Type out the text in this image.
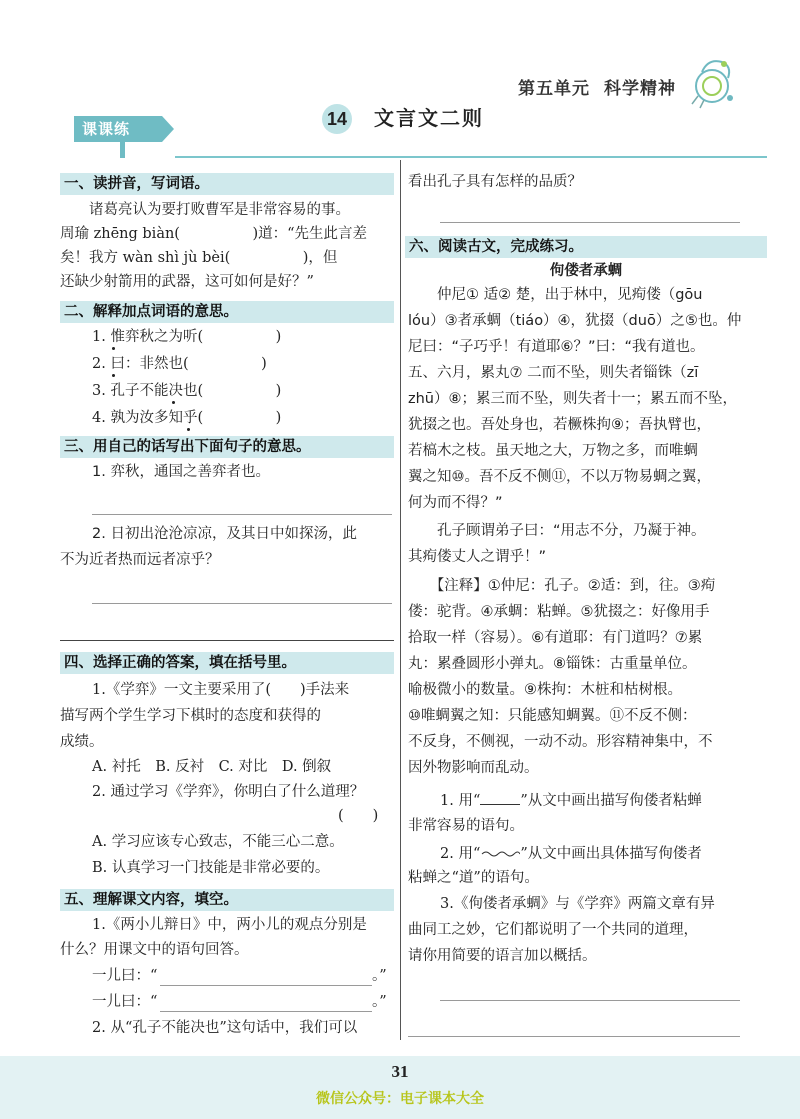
第五单元 科学精神
课课练	14 文言文二则
一、读拼音，写词语。
　　诸葛亮认为要打败曹军是非常容易的事。
周瑜 zhēng biàn(　　　　　)道：“先生此言差
矣！我方 wàn shì jù bèi(　　　　　)，但
还缺少射箭用的武器，这可如何是好？”
二、解释加点词语的意思。
1. 惟弈秋之为听(　　　　　)
2. 曰：非然也(　　　　　)
3. 孔子不能决也(　　　　　)
4. 孰为汝多知乎(　　　　　)
三、用自己的话写出下面句子的意思。
1. 弈秋，通国之善弈者也。
2. 日初出沧沧凉凉，及其日中如探汤，此
不为近者热而远者凉乎？
四、选择正确的答案，填在括号里。
1.《学弈》一文主要采用了(　　)手法来
描写两个学生学习下棋时的态度和获得的
成绩。
A. 衬托　B. 反衬　C. 对比　D. 倒叙
2. 通过学习《学弈》，你明白了什么道理？
(　　)
A. 学习应该专心致志，不能三心二意。
B. 认真学习一门技能是非常必要的。
五、理解课文内容，填空。
1.《两小儿辩日》中，两小儿的观点分别是
什么？用课文中的语句回答。
一儿曰：“	。”
一儿曰：“	。”
2. 从“孔子不能决也”这句话中，我们可以
看出孔子具有怎样的品质？
六、阅读古文，完成练习。
佝偻者承蜩
　　仲尼① 适② 楚，出于林中，见痀偻（gōu
lóu）③者承蜩（tiáo）④，犹掇（duō）之⑤也。仲
尼曰：“子巧乎！有道耶⑥？”曰：“我有道也。
五、六月，累丸⑦ 二而不坠，则失者锱铢（zī
zhū）⑧；累三而不坠，则失者十一；累五而不坠，
犹掇之也。吾处身也，若橛株拘⑨；吾执臂也，
若槁木之枝。虽天地之大，万物之多，而唯蜩
翼之知⑩。吾不反不侧⑪，不以万物易蜩之翼，
何为而不得？”
　　孔子顾谓弟子曰：“用志不分，乃凝于神。
其痀偻丈人之谓乎！”
　　【注释】①仲尼：孔子。②适：到，往。③痀
偻：驼背。④承蜩：粘蝉。⑤犹掇之：好像用手
拾取一样（容易）。⑥有道耶：有门道吗？⑦累
丸：累叠圆形小弹丸。⑧锱铢：古重量单位。
喻极微小的数量。⑨株拘：木桩和枯树根。
⑩唯蜩翼之知：只能感知蜩翼。⑪不反不侧：
不反身，不侧视，一动不动。形容精神集中，不
因外物影响而乱动。
1. 用“	”从文中画出描写佝偻者粘蝉
非常容易的语句。
2. 用“	”从文中画出具体描写佝偻者
粘蝉之“道”的语句。
3.《佝偻者承蜩》与《学弈》两篇文章有异
曲同工之妙，它们都说明了一个共同的道理，
请你用简要的语言加以概括。
31
微信公众号：电子课本大全
